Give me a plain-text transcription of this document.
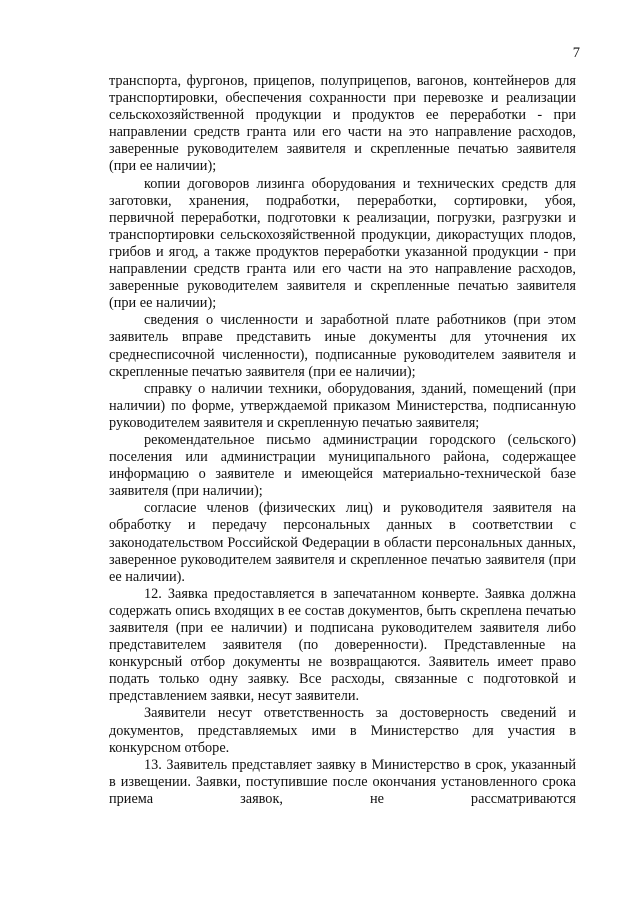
7

транспорта, фургонов, прицепов, полуприцепов, вагонов, контейнеров для транспортировки, обеспечения сохранности при перевозке и реализации сельскохозяйственной продукции и продуктов ее переработки - при направлении средств гранта или его части на это направление расходов, заверенные руководителем заявителя и скрепленные печатью заявителя (при ее наличии);

копии договоров лизинга оборудования и технических средств для заготовки, хранения, подработки, переработки, сортировки, убоя, первичной переработки, подготовки к реализации, погрузки, разгрузки и транспортировки сельскохозяйственной продукции, дикорастущих плодов, грибов и ягод, а также продуктов переработки указанной продукции - при направлении средств гранта или его части на это направление расходов, заверенные руководителем заявителя и скрепленные печатью заявителя (при ее наличии);

сведения о численности и заработной плате работников (при этом заявитель вправе представить иные документы для уточнения их среднесписочной численности), подписанные руководителем заявителя и скрепленные печатью заявителя (при ее наличии);

справку о наличии техники, оборудования, зданий, помещений (при наличии) по форме, утверждаемой приказом Министерства, подписанную руководителем заявителя и скрепленную печатью заявителя;

рекомендательное письмо администрации городского (сельского) поселения или администрации муниципального района, содержащее информацию о заявителе и имеющейся материально-технической базе заявителя (при наличии);

согласие членов (физических лиц) и руководителя заявителя на обработку и передачу персональных данных в соответствии с законодательством Российской Федерации в области персональных данных, заверенное руководителем заявителя и скрепленное печатью заявителя (при ее наличии).

12. Заявка предоставляется в запечатанном конверте. Заявка должна содержать опись входящих в ее состав документов, быть скреплена печатью заявителя (при ее наличии) и подписана руководителем заявителя либо представителем заявителя (по доверенности). Представленные на конкурсный отбор документы не возвращаются. Заявитель имеет право подать только одну заявку. Все расходы, связанные с подготовкой и представлением заявки, несут заявители.

Заявители несут ответственность за достоверность сведений и документов, представляемых ими в Министерство для участия в конкурсном отборе.

13. Заявитель представляет заявку в Министерство в срок, указанный в извещении. Заявки, поступившие после окончания установленного срока приема заявок, не рассматриваются
